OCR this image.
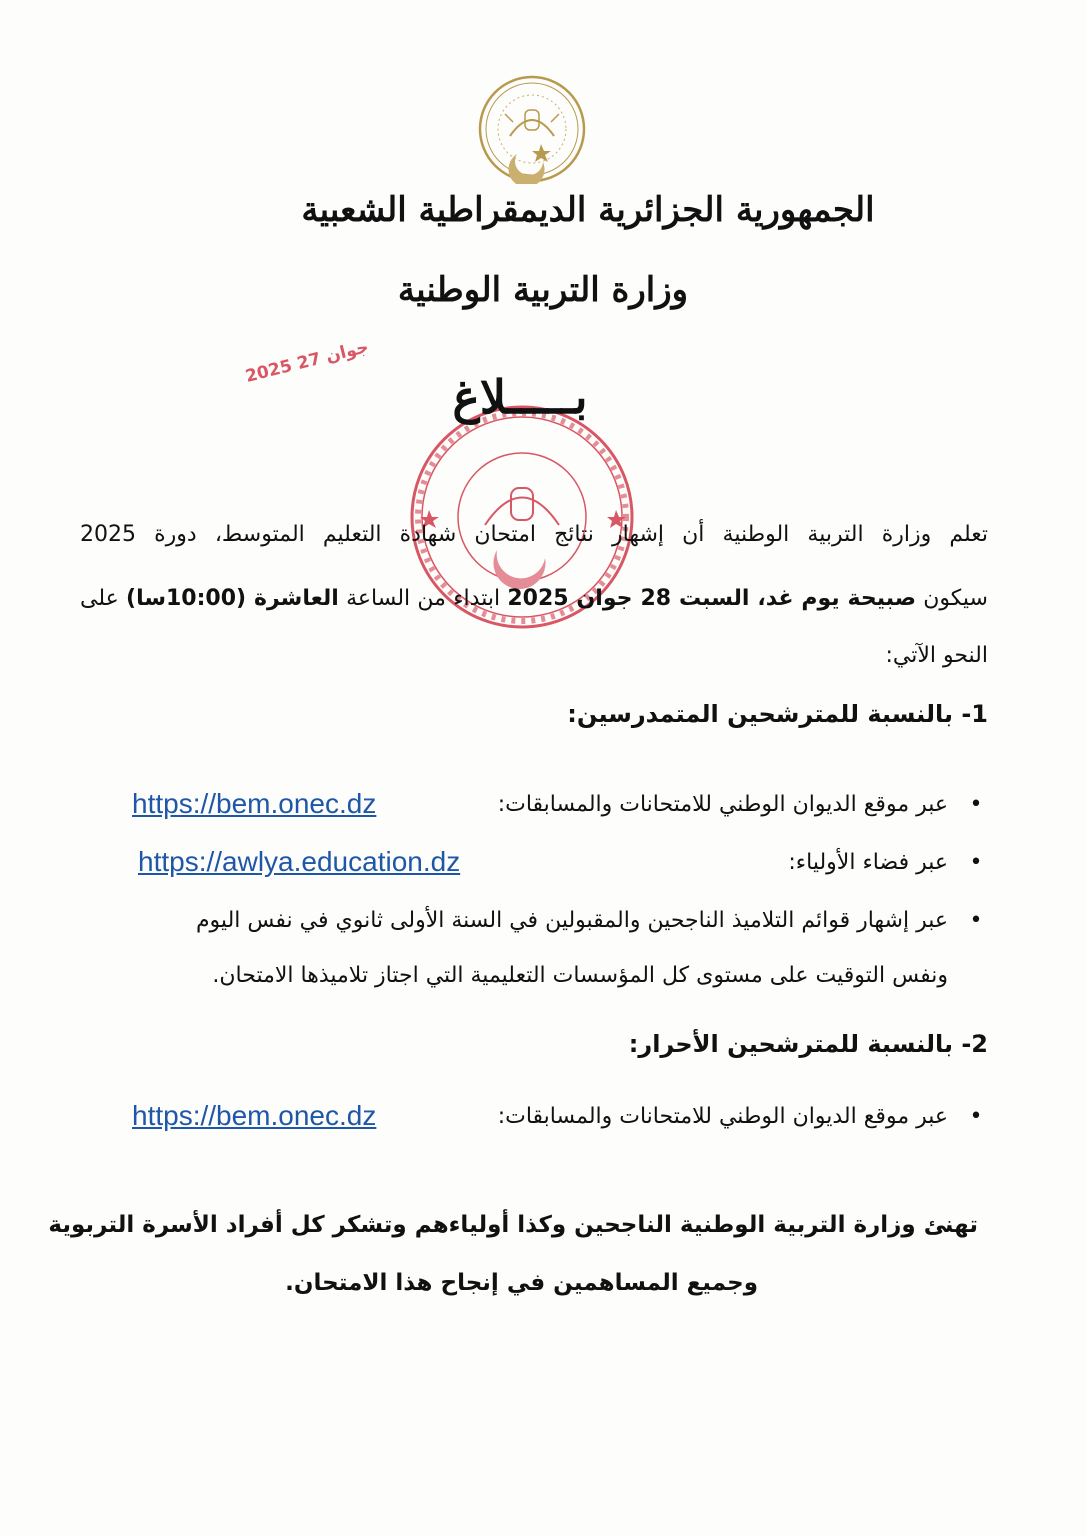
الجمهورية الجزائرية الديمقراطية الشعبية
وزارة التربية الوطنية
2025 جوان 27
بـــــلاغ
تعلم وزارة التربية الوطنية أن إشهار نتائج امتحان شهادة التعليم المتوسط، دورة 2025
سيكون صبيحة يوم غد، السبت 28 جوان 2025 ابتداء من الساعة العاشرة (10:00سا) على
النحو الآتي:
1- بالنسبة للمترشحين المتمدرسين:
•
عبر موقع الديوان الوطني للامتحانات والمسابقات:
https://bem.onec.dz
•
عبر فضاء الأولياء:
https://awlya.education.dz
•
عبر إشهار قوائم التلاميذ الناجحين والمقبولين في السنة الأولى ثانوي في نفس اليوم
ونفس التوقيت على مستوى كل المؤسسات التعليمية التي اجتاز تلاميذها الامتحان.
2- بالنسبة للمترشحين الأحرار:
•
عبر موقع الديوان الوطني للامتحانات والمسابقات:
https://bem.onec.dz
تهنئ وزارة التربية الوطنية الناجحين وكذا أولياءهم وتشكر كل أفراد الأسرة التربوية
وجميع المساهمين في إنجاح هذا الامتحان.
